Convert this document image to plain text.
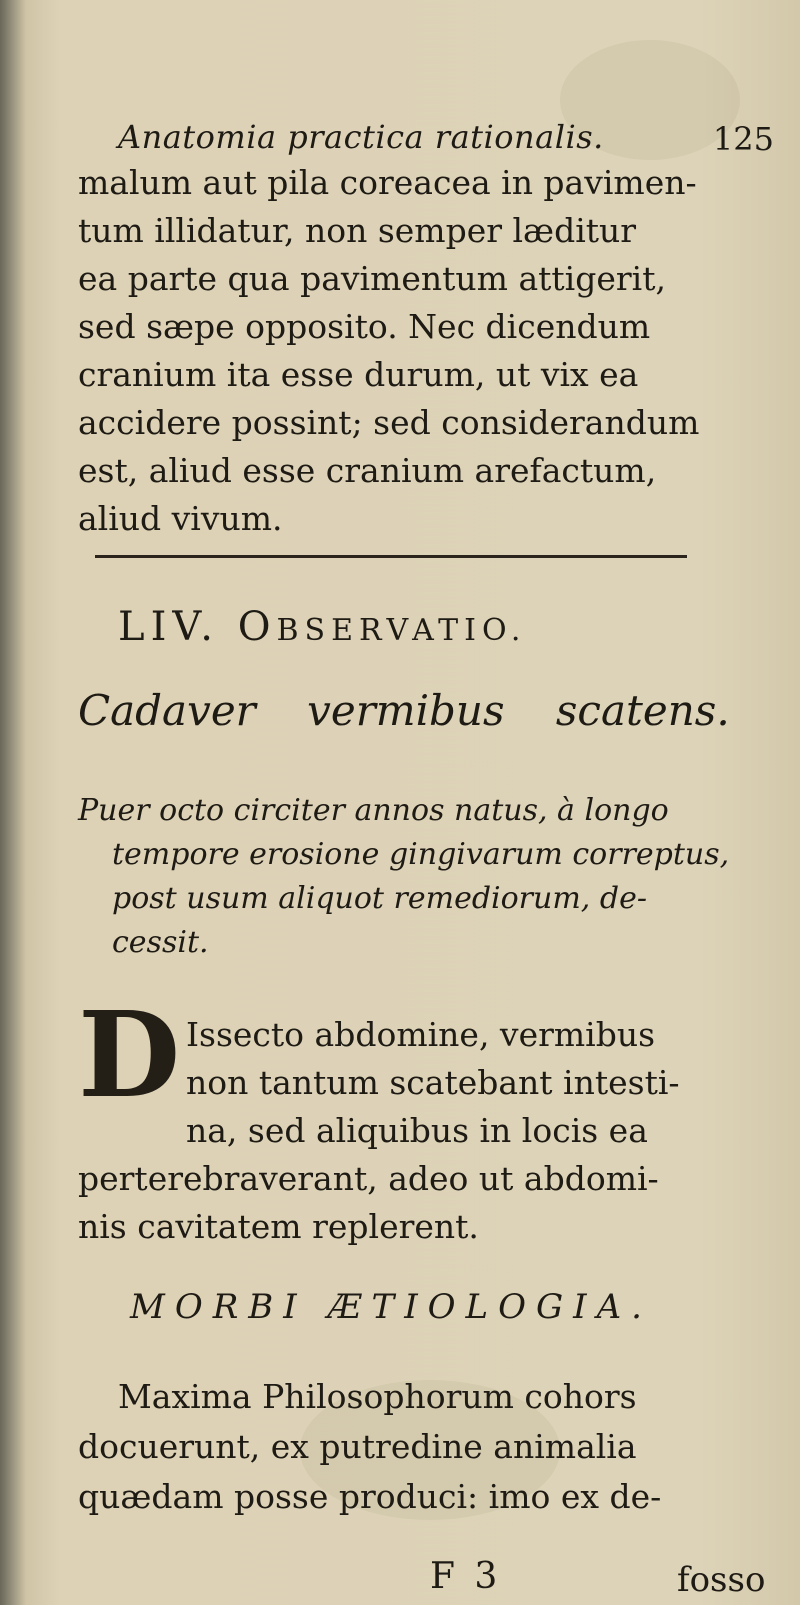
Anatomia practica rationalis.	125
malum aut pila coreacea in pavimen-
tum illidatur, non semper læditur
ea parte qua pavimentum attigerit,
sed sæpe opposito. Nec dicendum
cranium ita esse durum, ut vix ea
accidere possint; sed considerandum
est, aliud esse cranium arefactum,
aliud vivum.
LIV. OBSERVATIO.
Cadaver vermibus scatens.
Puer octo circiter annos natus, à longo
tempore erosione gingivarum correptus,
post usum aliquot remediorum, de-
cessit.
D Issecto abdomine, vermibus
non tantum scatebant intesti-
na, sed aliquibus in locis ea
perterebraverant, adeo ut abdomi-
nis cavitatem replerent.
MORBI ÆTIOLOGIA.
Maxima Philosophorum cohors
docuerunt, ex putredine animalia
quædam posse produci: imo ex de-
F 3	fosso
